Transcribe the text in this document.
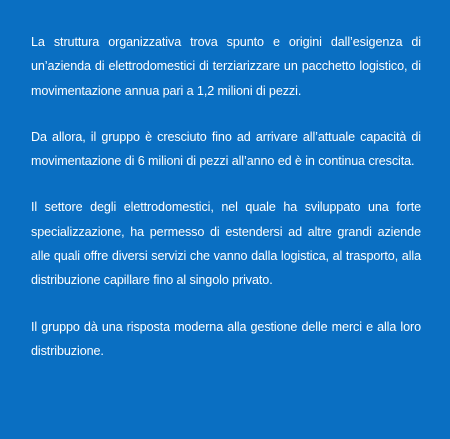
La struttura organizzativa trova spunto e origini dall’esigenza di un’azienda di elettrodomestici di terziarizzare un pacchetto logistico, di movimentazione annua pari a 1,2 milioni di pezzi.

Da allora, il gruppo è cresciuto fino ad arrivare all’attuale capacità di movimentazione di 6 milioni di pezzi all’anno ed è in continua crescita.

Il settore degli elettrodomestici, nel quale ha sviluppato una forte specializzazione, ha permesso di estendersi ad altre grandi aziende alle quali offre diversi servizi che vanno dalla logistica, al trasporto, alla distribuzione capillare fino al singolo privato.

Il gruppo dà una risposta moderna alla gestione delle merci e alla loro distribuzione.
